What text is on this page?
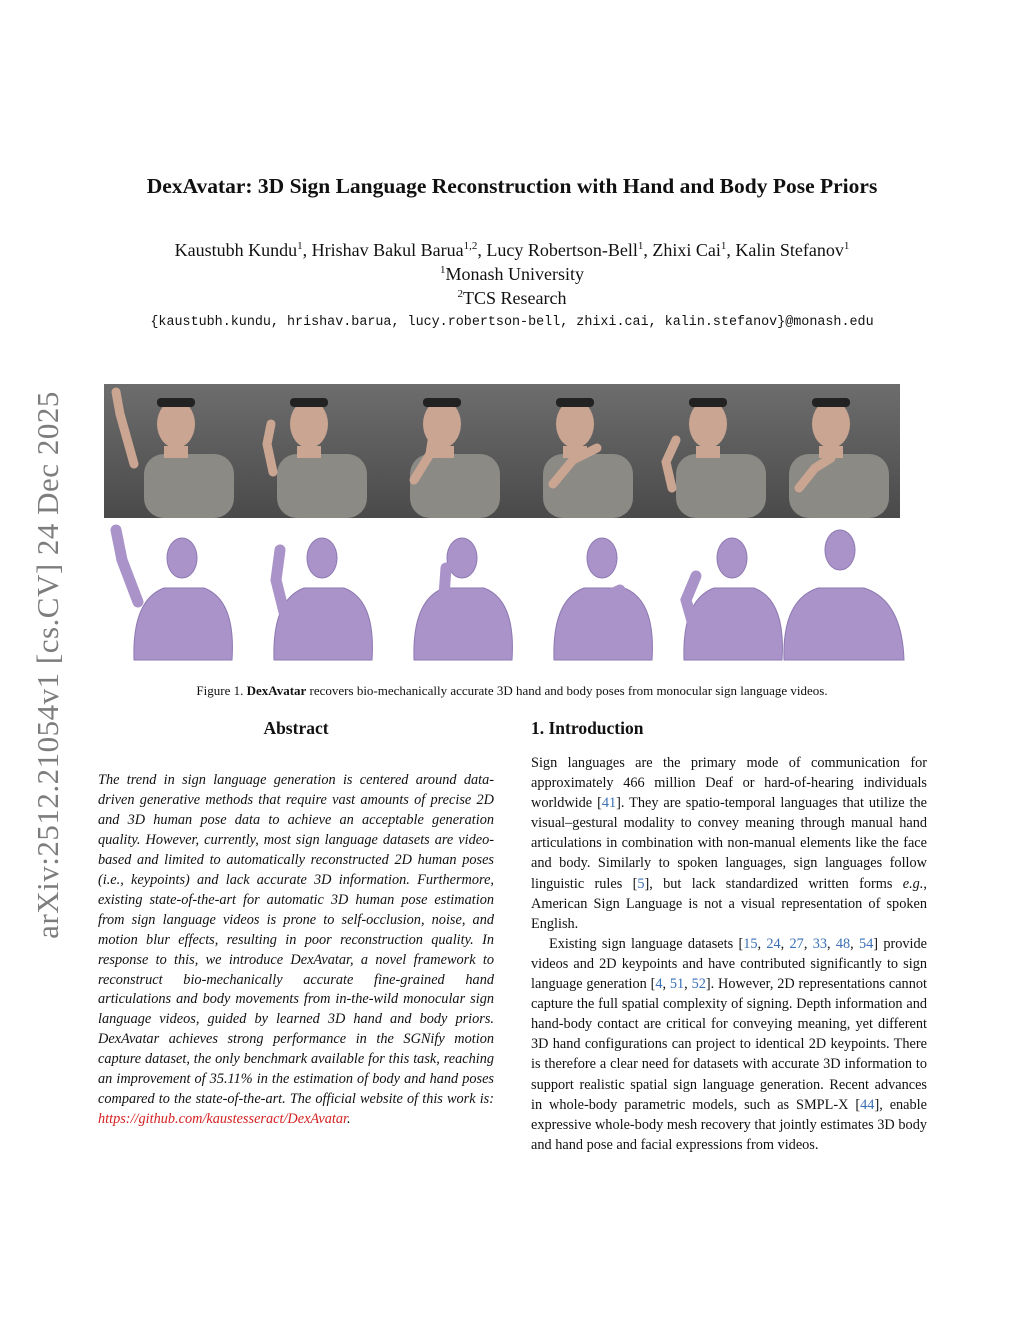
arXiv:2512.21054v1 [cs.CV] 24 Dec 2025
DexAvatar: 3D Sign Language Reconstruction with Hand and Body Pose Priors
Kaustubh Kundu$^1$, Hrishav Bakul Barua$^{1,2}$, Lucy Robertson-Bell$^1$, Zhixi Cai$^1$, Kalin Stefanov$^1$
$^1$Monash University
$^2$TCS Research
{kaustubh.kundu, hrishav.barua, lucy.robertson-bell, zhixi.cai, kalin.stefanov}@monash.edu
Figure 1. DexAvatar recovers bio-mechanically accurate 3D hand and body poses from monocular sign language videos.
Abstract
The trend in sign language generation is centered around data-driven generative methods that require vast amounts of precise 2D and 3D human pose data to achieve an acceptable generation quality. However, currently, most sign language datasets are video-based and limited to automatically reconstructed 2D human poses (i.e., keypoints) and lack accurate 3D information. Furthermore, existing state-of-the-art for automatic 3D human pose estimation from sign language videos is prone to self-occlusion, noise, and motion blur effects, resulting in poor reconstruction quality. In response to this, we introduce DexAvatar, a novel framework to reconstruct bio-mechanically accurate fine-grained hand articulations and body movements from in-the-wild monocular sign language videos, guided by learned 3D hand and body priors. DexAvatar achieves strong performance in the SGNify motion capture dataset, the only benchmark available for this task, reaching an improvement of 35.11% in the estimation of body and hand poses compared to the state-of-the-art. The official website of this work is: https://github.com/kaustesseract/DexAvatar.
1. Introduction

Sign languages are the primary mode of communication for approximately 466 million Deaf or hard-of-hearing individuals worldwide [41]. They are spatio-temporal languages that utilize the visual–gestural modality to convey meaning through manual hand articulations in combination with non-manual elements like the face and body. Similarly to spoken languages, sign languages follow linguistic rules [5], but lack standardized written forms e.g., American Sign Language is not a visual representation of spoken English.

Existing sign language datasets [15, 24, 27, 33, 48, 54] provide videos and 2D keypoints and have contributed significantly to sign language generation [4, 51, 52]. However, 2D representations cannot capture the full spatial complexity of signing. Depth information and hand-body contact are critical for conveying meaning, yet different 3D hand configurations can project to identical 2D keypoints. There is therefore a clear need for datasets with accurate 3D information to support realistic spatial sign language generation. Recent advances in whole-body parametric models, such as SMPL-X [44], enable expressive whole-body mesh recovery that jointly estimates 3D body and hand pose and facial expressions from videos.
